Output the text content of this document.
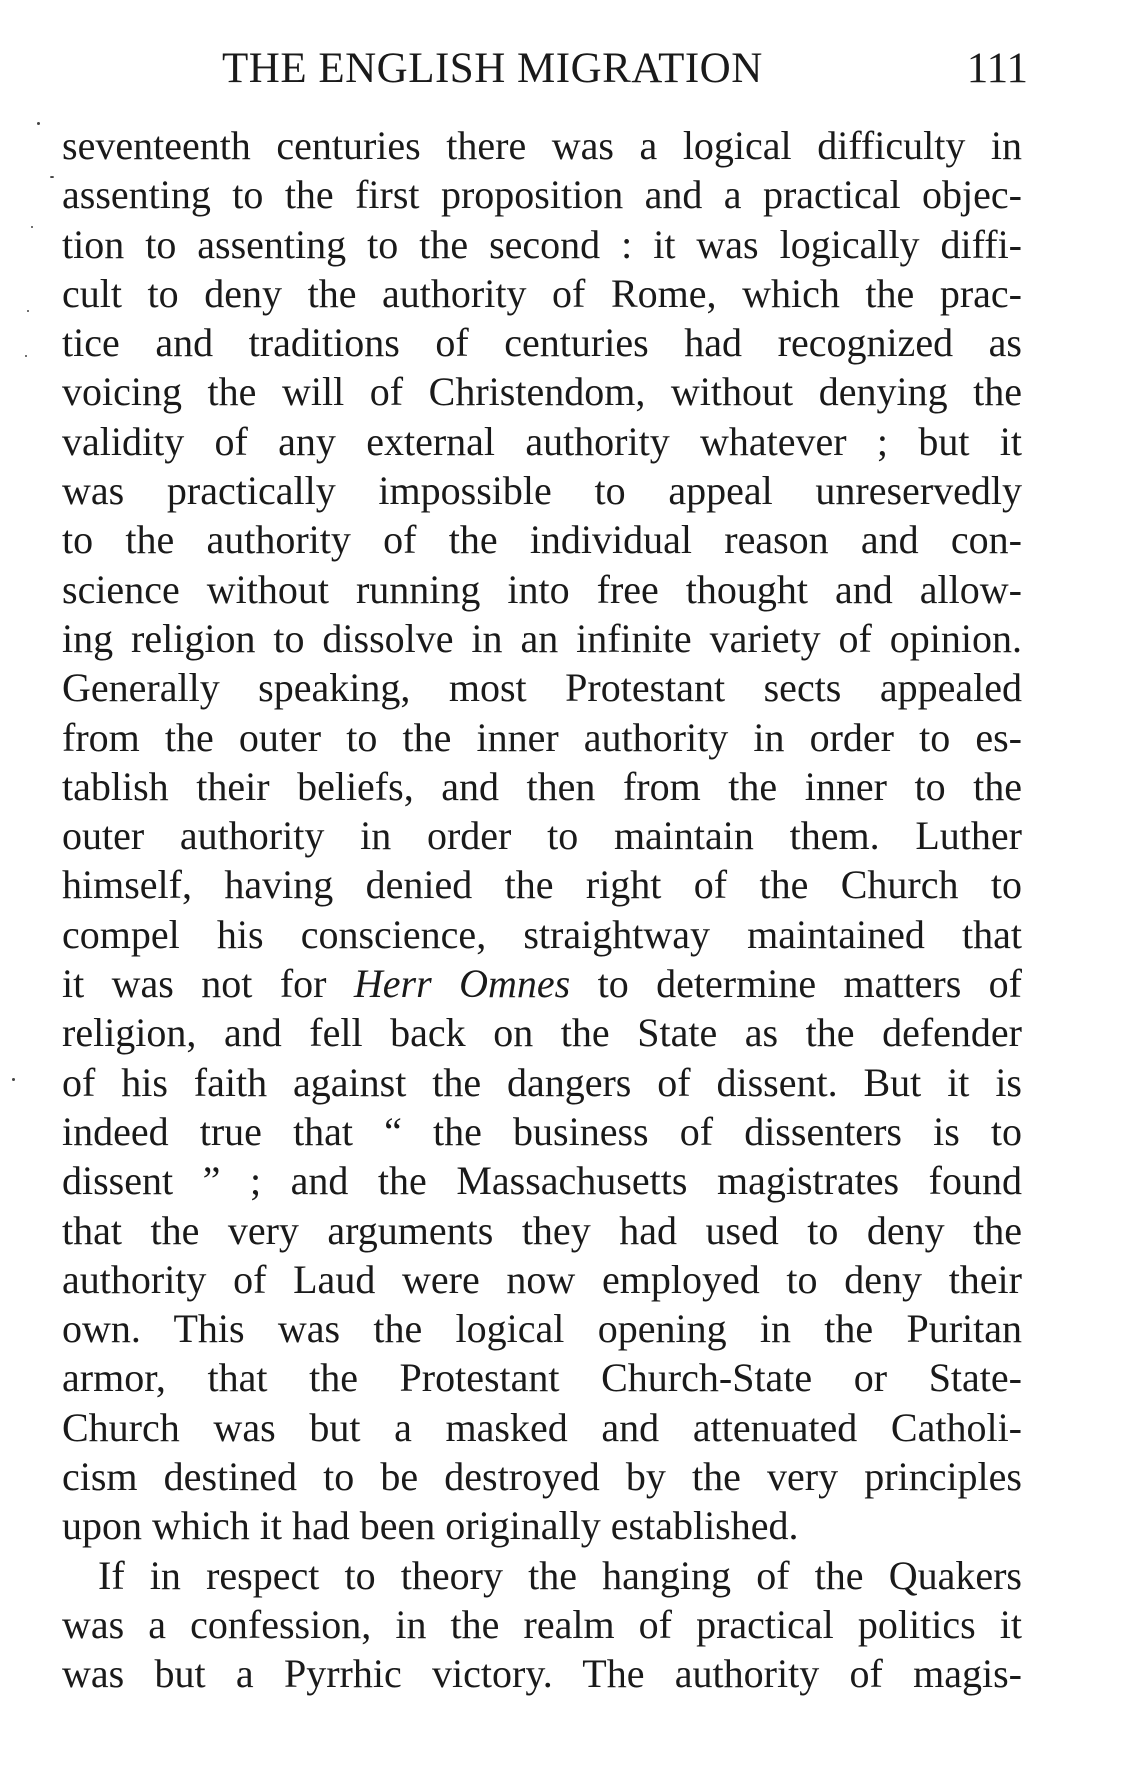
THE ENGLISH MIGRATION	111
seventeenth centuries there was a logical difficulty in
assenting to the first proposition and a practical objec-
tion to assenting to the second : it was logically diffi-
cult to deny the authority of Rome, which the prac-
tice and traditions of centuries had recognized as
voicing the will of Christendom, without denying the
validity of any external authority whatever ; but it
was practically impossible to appeal unreservedly
to the authority of the individual reason and con-
science without running into free thought and allow-
ing religion to dissolve in an infinite variety of opinion.
Generally speaking, most Protestant sects appealed
from the outer to the inner authority in order to es-
tablish their beliefs, and then from the inner to the
outer authority in order to maintain them. Luther
himself, having denied the right of the Church to
compel his conscience, straightway maintained that
it was not for Herr Omnes to determine matters of
religion, and fell back on the State as the defender
of his faith against the dangers of dissent. But it is
indeed true that “ the business of dissenters is to
dissent ” ; and the Massachusetts magistrates found
that the very arguments they had used to deny the
authority of Laud were now employed to deny their
own. This was the logical opening in the Puritan
armor, that the Protestant Church-State or State-
Church was but a masked and attenuated Catholi-
cism destined to be destroyed by the very principles
upon which it had been originally established.
If in respect to theory the hanging of the Quakers
was a confession, in the realm of practical politics it
was but a Pyrrhic victory. The authority of magis-
